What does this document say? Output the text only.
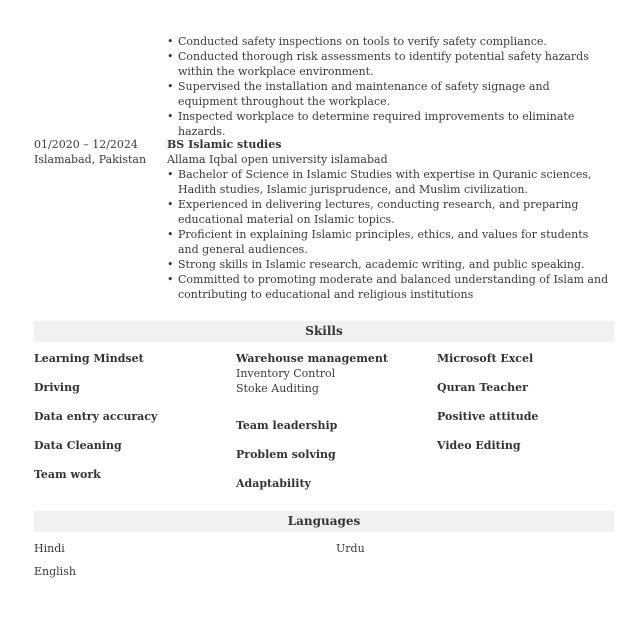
• Conducted safety inspections on tools to verify safety compliance.
• Conducted thorough risk assessments to identify potential safety hazards within the workplace environment.
• Supervised the installation and maintenance of safety signage and equipment throughout the workplace.
• Inspected workplace to determine required improvements to eliminate hazards.
01/2020 – 12/2024
Islamabad, Pakistan
BS Islamic studies
Allama Iqbal open university islamabad
• Bachelor of Science in Islamic Studies with expertise in Quranic sciences, Hadith studies, Islamic jurisprudence, and Muslim civilization.
• Experienced in delivering lectures, conducting research, and preparing educational material on Islamic topics.
• Proficient in explaining Islamic principles, ethics, and values for students and general audiences.
• Strong skills in Islamic research, academic writing, and public speaking.
• Committed to promoting moderate and balanced understanding of Islam and contributing to educational and religious institutions
Skills
Learning Mindset
Driving
Data entry accuracy
Data Cleaning
Team work
Warehouse management
Inventory Control
Stoke Auditing
Team leadership
Problem solving
Adaptability
Microsoft Excel
Quran Teacher
Positive attitude
Video Editing
Languages
Hindi	Urdu
English
